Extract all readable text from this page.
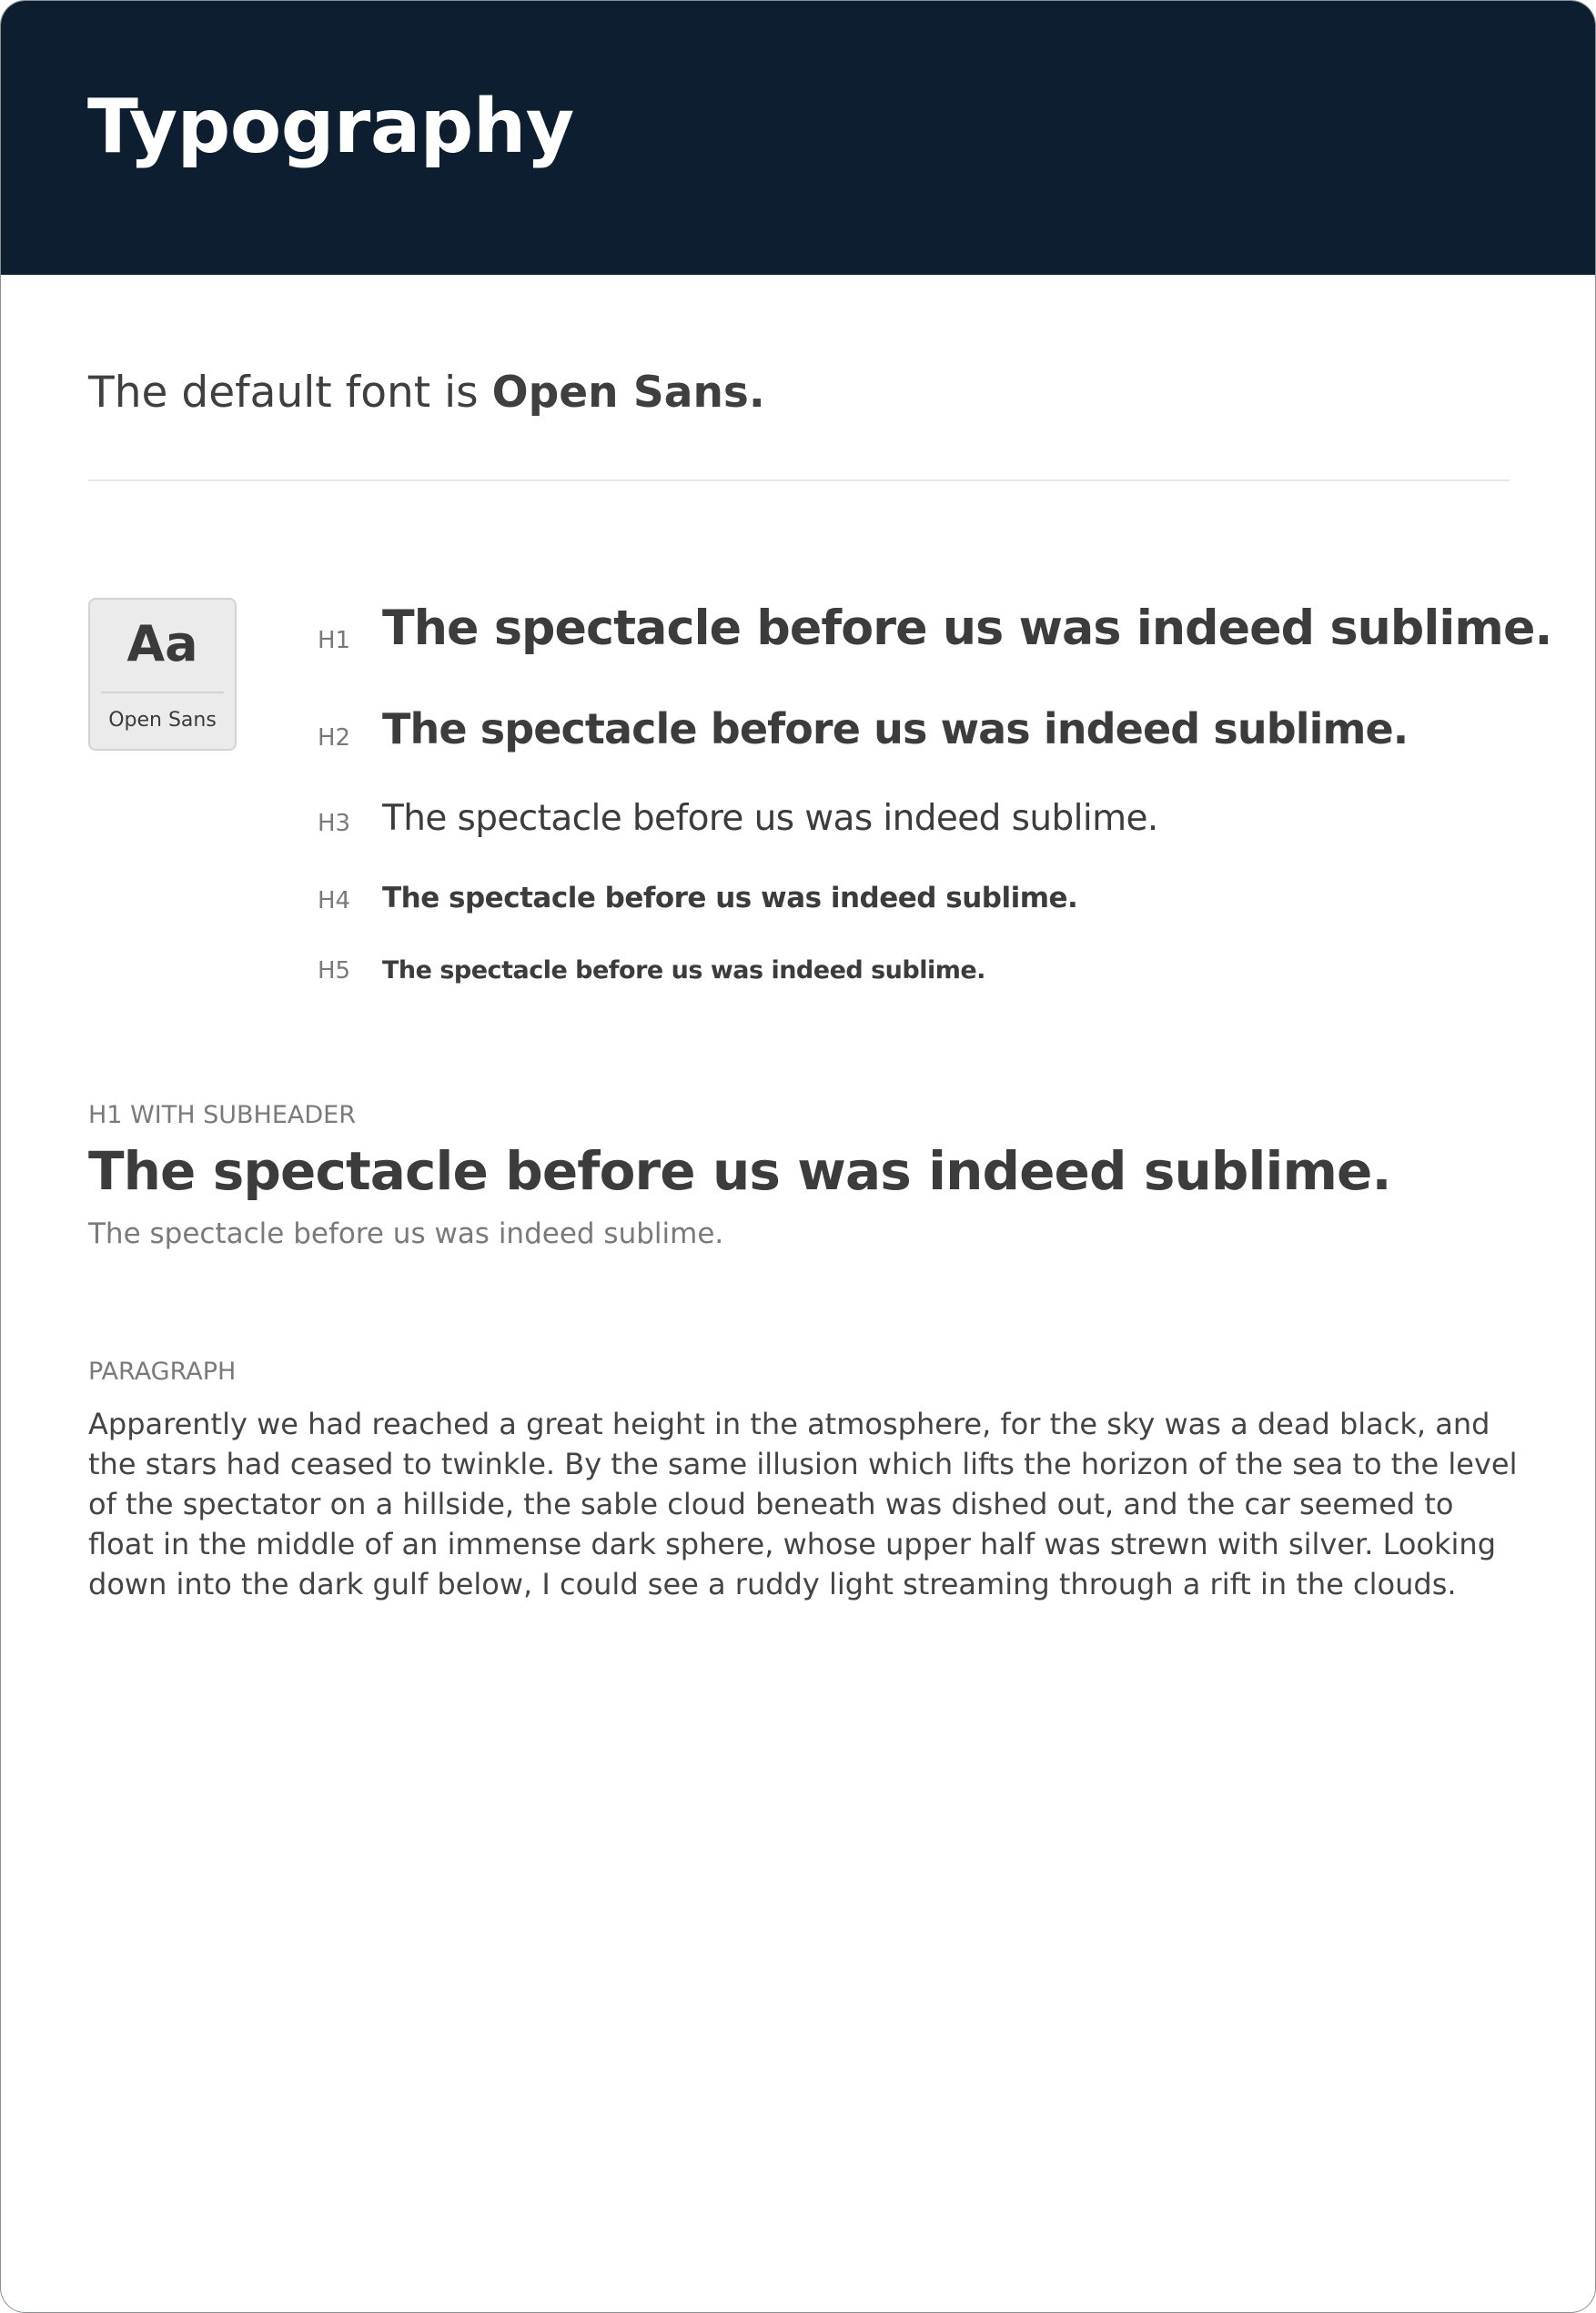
Typography

The default font is Open Sans.

Aa
Open Sans
H1 The spectacle before us was indeed sublime.
H2 The spectacle before us was indeed sublime.
H3 The spectacle before us was indeed sublime.
H4 The spectacle before us was indeed sublime.
H5 The spectacle before us was indeed sublime.
H1 WITH SUBHEADER
The spectacle before us was indeed sublime.

The spectacle before us was indeed sublime.

PARAGRAPH

Apparently we had reached a great height in the atmosphere, for the sky was a dead black, and
the stars had ceased to twinkle. By the same illusion which lifts the horizon of the sea to the level
of the spectator on a hillside, the sable cloud beneath was dished out, and the car seemed to
float in the middle of an immense dark sphere, whose upper half was strewn with silver. Looking
down into the dark gulf below, I could see a ruddy light streaming through a rift in the clouds.
